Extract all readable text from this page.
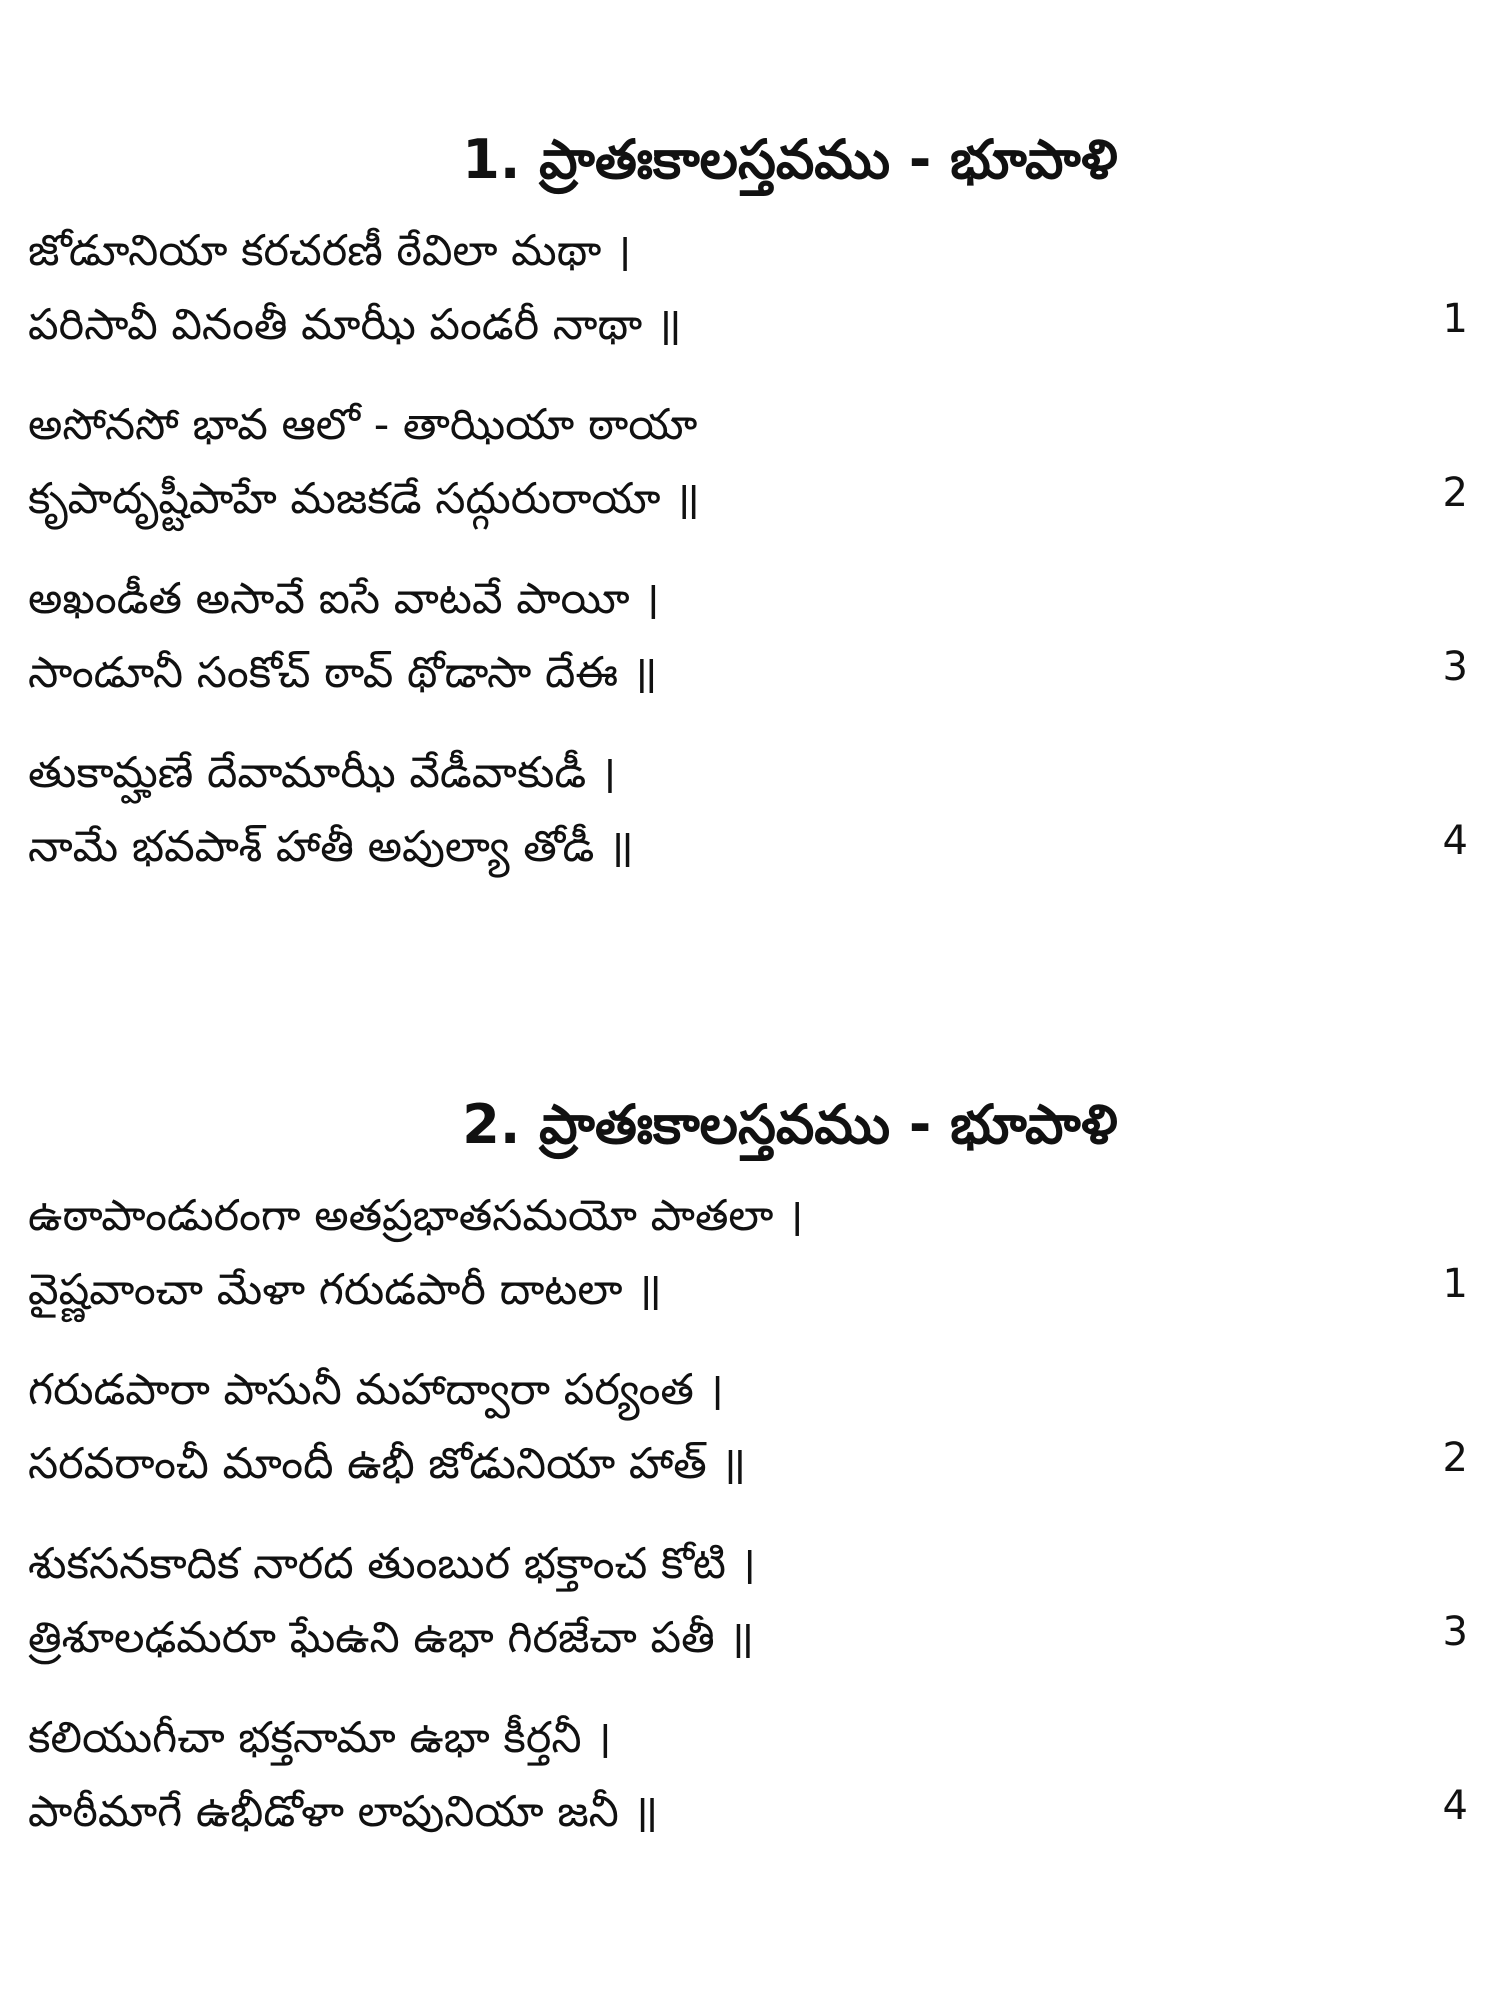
1. ప్రాతఃకాలస్తవము - భూపాళి
జోడూనియా కరచరణీ ఠేవిలా మథా ।
పరిసావీ వినంతీ మాఝీ పండరీ నాథా ॥	1
అసోనసో భావ ఆలో - తాఝియా ఠాయా
కృపాదృష్టీపాహే మజకడే సద్గురురాయా ॥	2
అఖండీత అసావే ఐసే వాటవే పాయీ ।
సాండూనీ సంకోచ్ ఠావ్ థోడాసా దేఈ ॥	3
తుకామ్హణే దేవామాఝీ వేడీవాకుడీ ।
నామే భవపాశ్ హాతీ అపుల్యా తోడీ ॥	4
2. ప్రాతఃకాలస్తవము - భూపాళి
ఉఠాపాండురంగా అతప్రభాతసమయో పాతలా ।
వైష్ణవాంచా మేళా గరుడపారీ దాటలా ॥	1
గరుడపారా పాసునీ మహాద్వారా పర్యంత ।
సరవరాంచీ మాందీ ఉభీ జోడునియా హాత్ ॥	2
శుకసనకాదిక నారద తుంబుర భక్తాంచ కోటి ।
త్రిశూలఢమరూ ఘేఉని ఉభా గిరజేచా పతీ ॥	3
కలియుగీచా భక్తనామా ఉభా కీర్తనీ ।
పాఠీమాగే ఉభీడోళా లాపునియా జనీ ॥	4
